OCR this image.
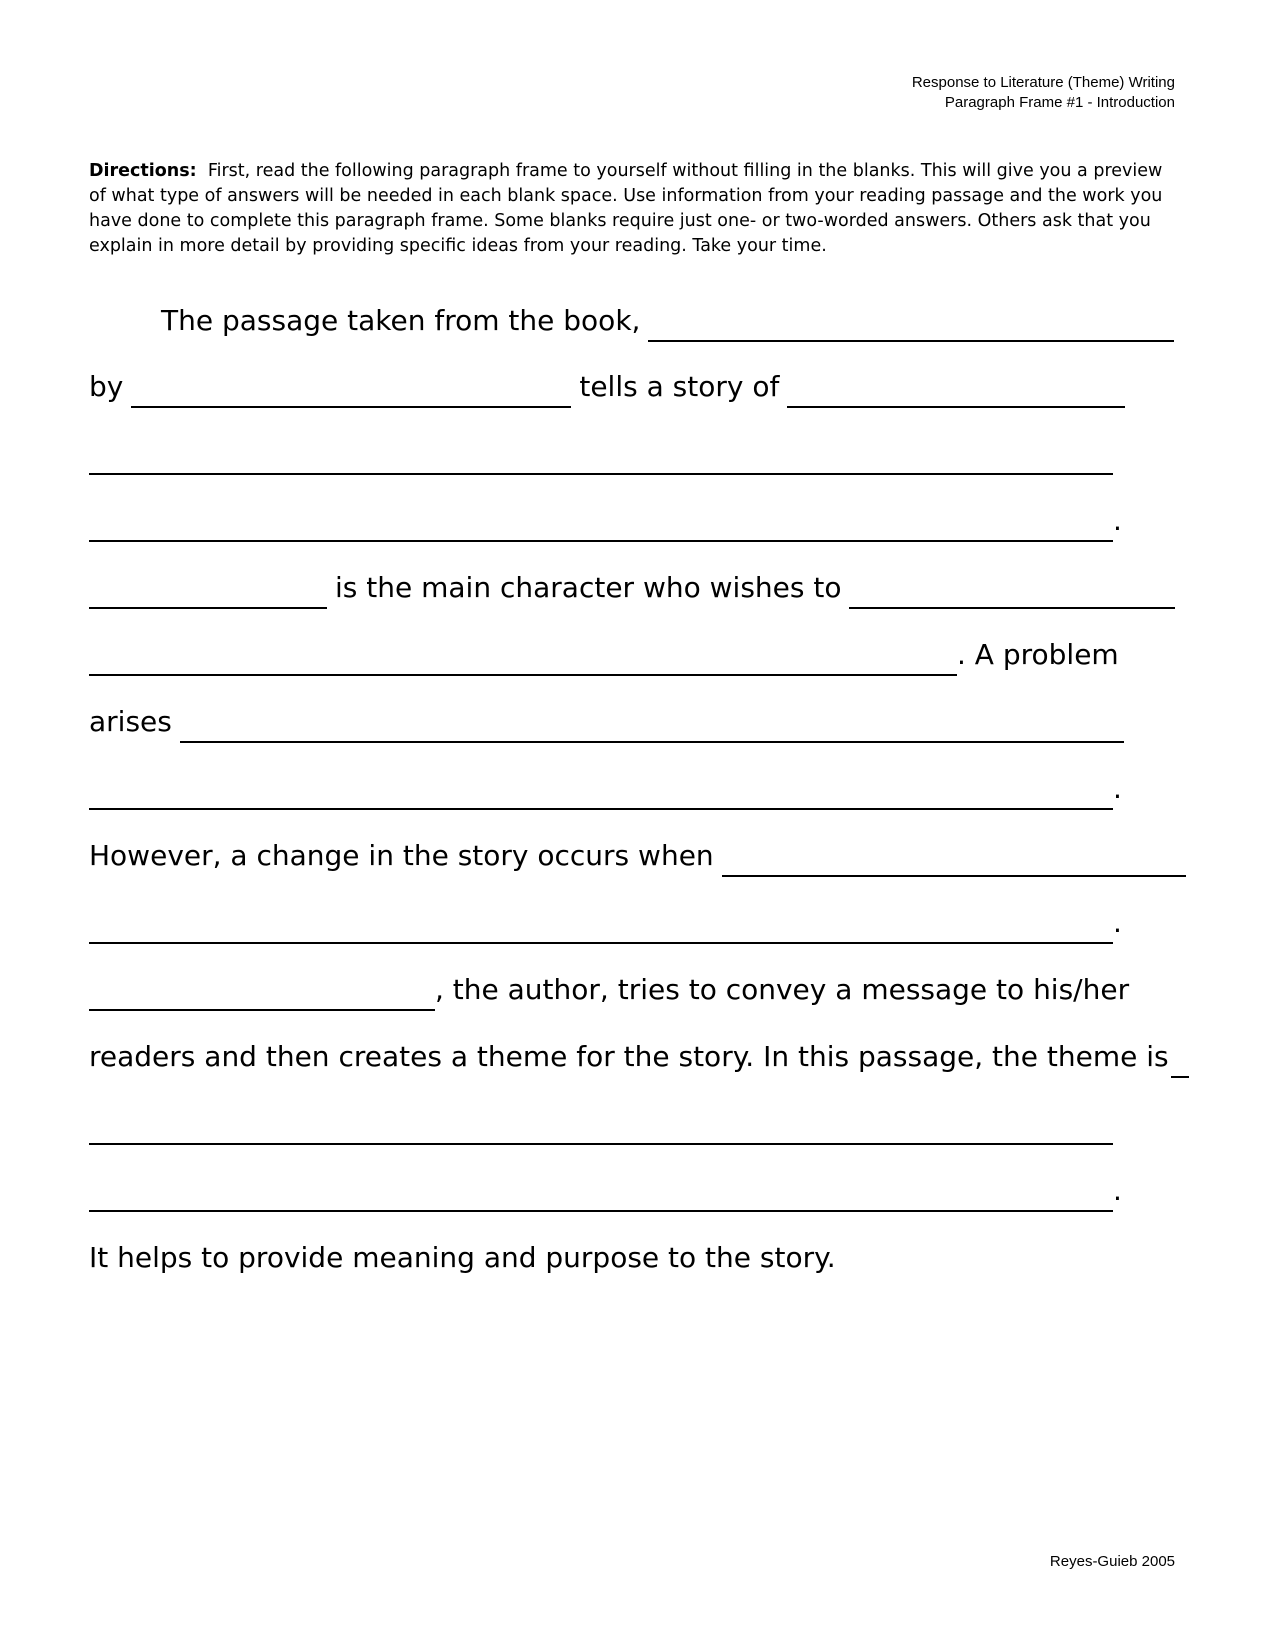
Response to Literature (Theme) Writing
Paragraph Frame #1 - Introduction
Directions: First, read the following paragraph frame to yourself without filling in the blanks. This will give you a preview of what type of answers will be needed in each blank space. Use information from your reading passage and the work you have done to complete this paragraph frame. Some blanks require just one- or two-worded answers. Others ask that you explain in more detail by providing specific ideas from your reading. Take your time.
The passage taken from the book,
by	tells a story of
.
is the main character who wishes to
. A problem
arises
.
However, a change in the story occurs when
.
, the author, tries to convey a message to his/her
readers and then creates a theme for the story. In this passage, the theme is
.
It helps to provide meaning and purpose to the story.
Reyes-Guieb 2005
